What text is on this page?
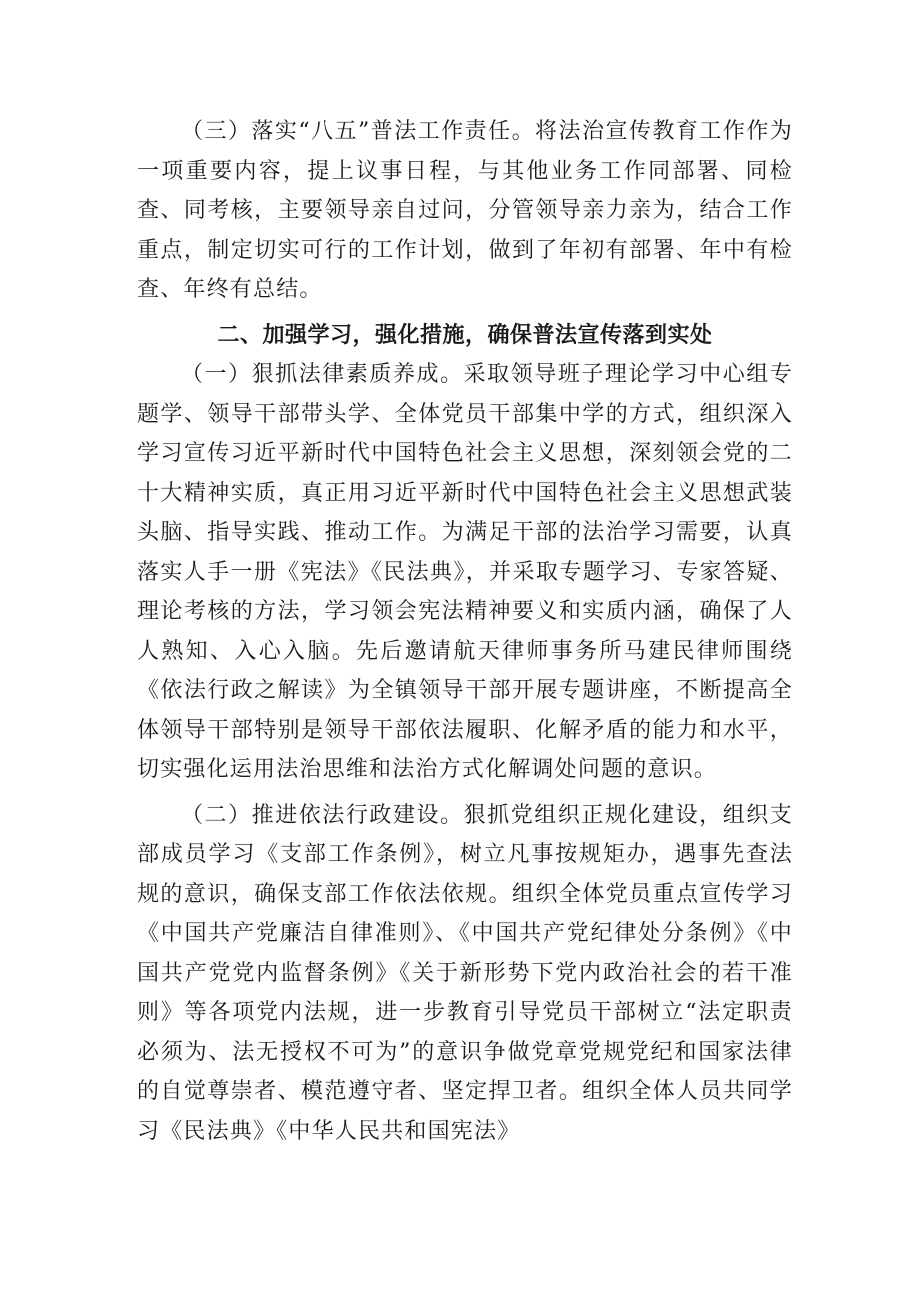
（三）落实“八五”普法工作责任。将法治宣传教育工作作为一项重要内容，提上议事日程，与其他业务工作同部署、同检查、同考核，主要领导亲自过问，分管领导亲力亲为，结合工作重点，制定切实可行的工作计划，做到了年初有部署、年中有检查、年终有总结。

二、加强学习，强化措施，确保普法宣传落到实处

（一）狠抓法律素质养成。采取领导班子理论学习中心组专题学、领导干部带头学、全体党员干部集中学的方式，组织深入学习宣传习近平新时代中国特色社会主义思想，深刻领会党的二十大精神实质，真正用习近平新时代中国特色社会主义思想武装头脑、指导实践、推动工作。为满足干部的法治学习需要，认真落实人手一册《宪法》《民法典》，并采取专题学习、专家答疑、理论考核的方法，学习领会宪法精神要义和实质内涵，确保了人人熟知、入心入脑。先后邀请航天律师事务所马建民律师围绕《依法行政之解读》为全镇领导干部开展专题讲座，不断提高全体领导干部特别是领导干部依法履职、化解矛盾的能力和水平，切实强化运用法治思维和法治方式化解调处问题的意识。

（二）推进依法行政建设。狠抓党组织正规化建设，组织支部成员学习《支部工作条例》，树立凡事按规矩办，遇事先查法规的意识，确保支部工作依法依规。组织全体党员重点宣传学习《中国共产党廉洁自律准则》、《中国共产党纪律处分条例》《中国共产党党内监督条例》《关于新形势下党内政治社会的若干准则》等各项党内法规，进一步教育引导党员干部树立“法定职责必须为、法无授权不可为”的意识争做党章党规党纪和国家法律的自觉尊崇者、模范遵守者、坚定捍卫者。组织全体人员共同学习《民法典》《中华人民共和国宪法》
